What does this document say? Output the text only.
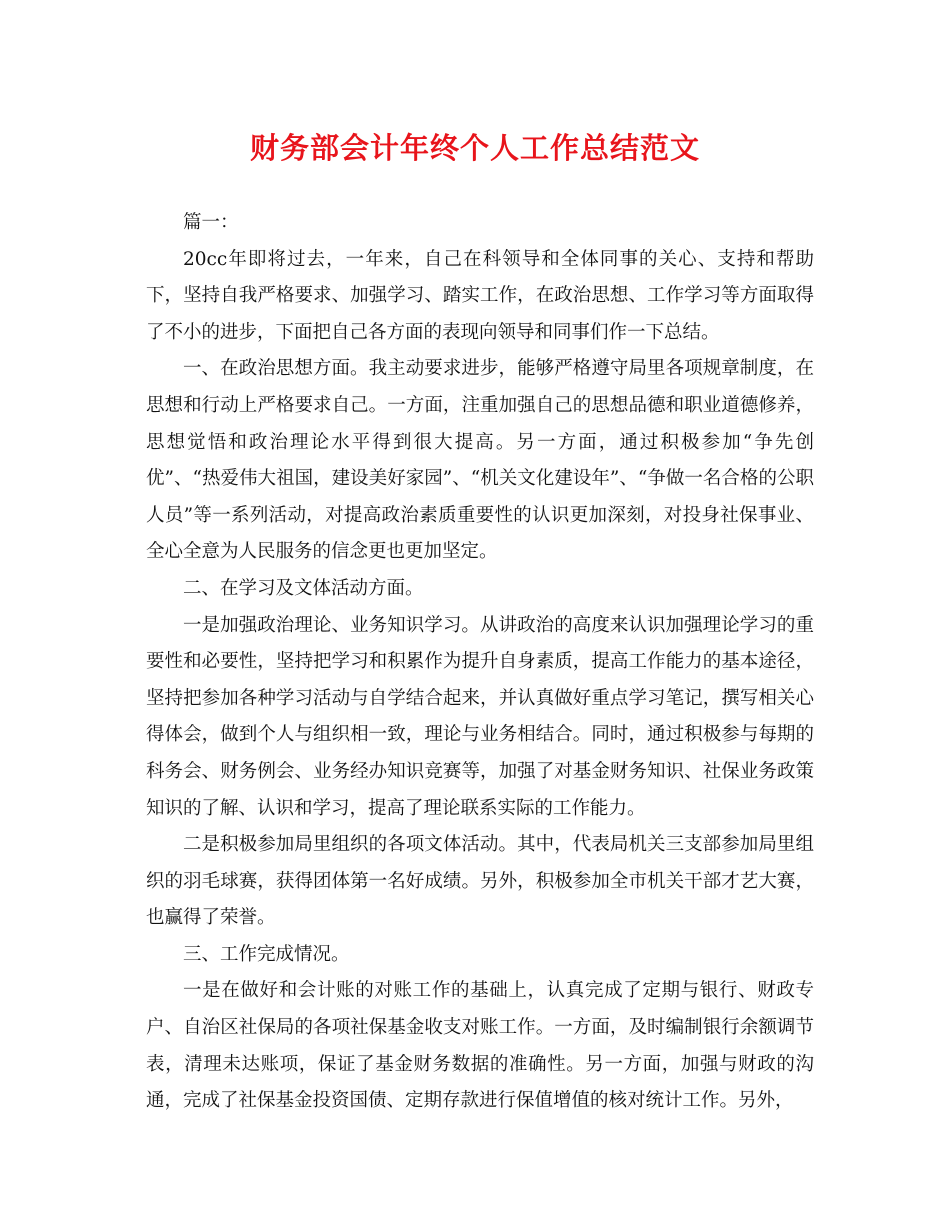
财务部会计年终个人工作总结范文

篇一：

20cc年即将过去，一年来，自己在科领导和全体同事的关心、支持和帮助下，坚持自我严格要求、加强学习、踏实工作，在政治思想、工作学习等方面取得了不小的进步，下面把自己各方面的表现向领导和同事们作一下总结。

一、在政治思想方面。我主动要求进步，能够严格遵守局里各项规章制度，在思想和行动上严格要求自己。一方面，注重加强自己的思想品德和职业道德修养，思想觉悟和政治理论水平得到很大提高。另一方面，通过积极参加“争先创优”、“热爱伟大祖国，建设美好家园”、“机关文化建设年”、“争做一名合格的公职人员”等一系列活动，对提高政治素质重要性的认识更加深刻，对投身社保事业、全心全意为人民服务的信念更也更加坚定。

二、在学习及文体活动方面。

一是加强政治理论、业务知识学习。从讲政治的高度来认识加强理论学习的重要性和必要性，坚持把学习和积累作为提升自身素质，提高工作能力的基本途径，坚持把参加各种学习活动与自学结合起来，并认真做好重点学习笔记，撰写相关心得体会，做到个人与组织相一致，理论与业务相结合。同时，通过积极参与每期的科务会、财务例会、业务经办知识竞赛等，加强了对基金财务知识、社保业务政策知识的了解、认识和学习，提高了理论联系实际的工作能力。

二是积极参加局里组织的各项文体活动。其中，代表局机关三支部参加局里组织的羽毛球赛，获得团体第一名好成绩。另外，积极参加全市机关干部才艺大赛，也赢得了荣誉。

三、工作完成情况。

一是在做好和会计账的对账工作的基础上，认真完成了定期与银行、财政专户、自治区社保局的各项社保基金收支对账工作。一方面，及时编制银行余额调节表，清理未达账项，保证了基金财务数据的准确性。另一方面，加强与财政的沟通，完成了社保基金投资国债、定期存款进行保值增值的核对统计工作。另外，
